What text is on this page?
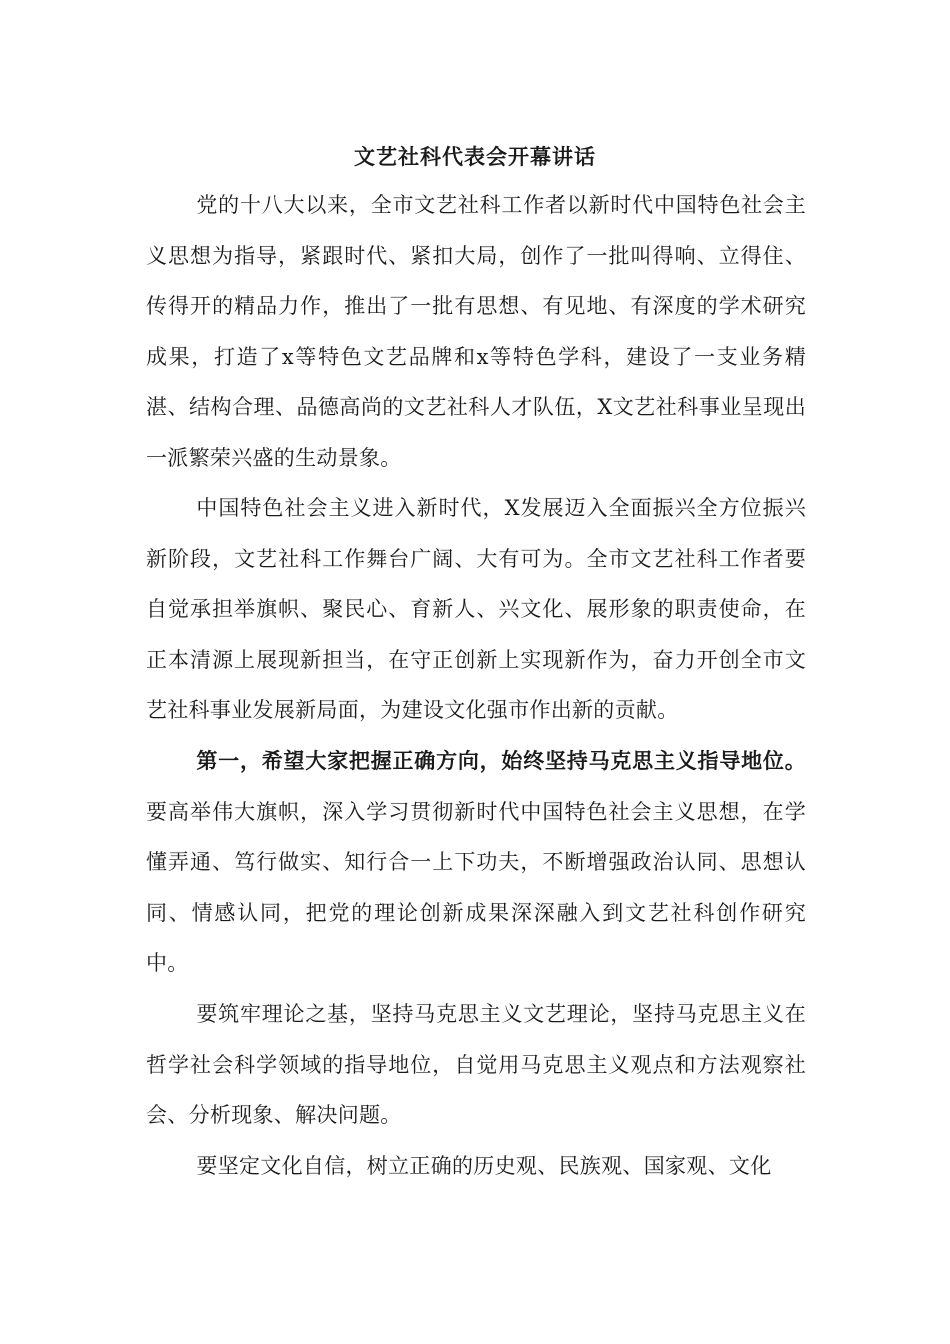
文艺社科代表会开幕讲话

党的十八大以来，全市文艺社科工作者以新时代中国特色社会主义思想为指导，紧跟时代、紧扣大局，创作了一批叫得响、立得住、传得开的精品力作，推出了一批有思想、有见地、有深度的学术研究成果，打造了x等特色文艺品牌和x等特色学科，建设了一支业务精湛、结构合理、品德高尚的文艺社科人才队伍，X文艺社科事业呈现出一派繁荣兴盛的生动景象。

中国特色社会主义进入新时代，X发展迈入全面振兴全方位振兴新阶段，文艺社科工作舞台广阔、大有可为。全市文艺社科工作者要自觉承担举旗帜、聚民心、育新人、兴文化、展形象的职责使命，在正本清源上展现新担当，在守正创新上实现新作为，奋力开创全市文艺社科事业发展新局面，为建设文化强市作出新的贡献。

第一，希望大家把握正确方向，始终坚持马克思主义指导地位。要高举伟大旗帜，深入学习贯彻新时代中国特色社会主义思想，在学懂弄通、笃行做实、知行合一上下功夫，不断增强政治认同、思想认同、情感认同，把党的理论创新成果深深融入到文艺社科创作研究中。

要筑牢理论之基，坚持马克思主义文艺理论，坚持马克思主义在哲学社会科学领域的指导地位，自觉用马克思主义观点和方法观察社会、分析现象、解决问题。

要坚定文化自信，树立正确的历史观、民族观、国家观、文化
